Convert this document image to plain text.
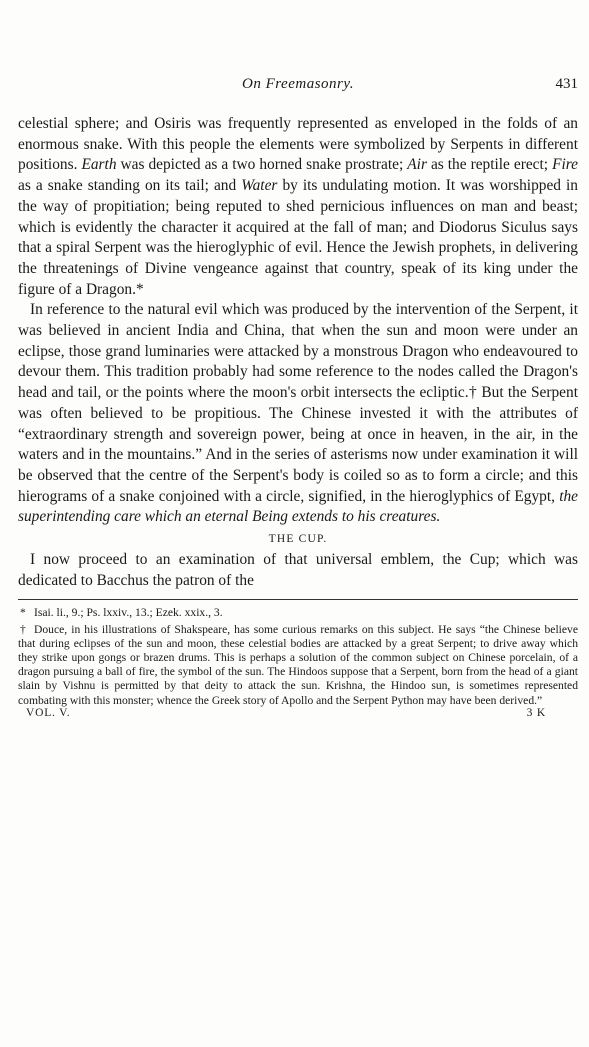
On Freemasonry.	431

celestial sphere; and Osiris was frequently represented as enveloped in the folds of an enormous snake. With this people the elements were symbolized by Serpents in different positions. Earth was depicted as a two horned snake prostrate; Air as the reptile erect; Fire as a snake standing on its tail; and Water by its undulating motion. It was worshipped in the way of propitiation; being reputed to shed pernicious influences on man and beast; which is evidently the character it acquired at the fall of man; and Diodorus Siculus says that a spiral Serpent was the hieroglyphic of evil. Hence the Jewish prophets, in delivering the threatenings of Divine vengeance against that country, speak of its king under the figure of a Dragon.*

In reference to the natural evil which was produced by the intervention of the Serpent, it was believed in ancient India and China, that when the sun and moon were under an eclipse, those grand luminaries were attacked by a monstrous Dragon who endeavoured to devour them. This tradition probably had some reference to the nodes called the Dragon's head and tail, or the points where the moon's orbit intersects the ecliptic.† But the Serpent was often believed to be propitious. The Chinese invested it with the attributes of “extraordinary strength and sovereign power, being at once in heaven, in the air, in the waters and in the mountains.” And in the series of asterisms now under examination it will be observed that the centre of the Serpent's body is coiled so as to form a circle; and this hierograms of a snake conjoined with a circle, signified, in the hieroglyphics of Egypt, the superintending care which an eternal Being extends to his creatures.

THE CUP.

I now proceed to an examination of that universal emblem, the Cup; which was dedicated to Bacchus the patron of the

* Isai. li., 9.; Ps. lxxiv., 13.; Ezek. xxix., 3.

† Douce, in his illustrations of Shakspeare, has some curious remarks on this subject. He says “the Chinese believe that during eclipses of the sun and moon, these celestial bodies are attacked by a great Serpent; to drive away which they strike upon gongs or brazen drums. This is perhaps a solution of the common subject on Chinese porcelain, of a dragon pursuing a ball of fire, the symbol of the sun. The Hindoos suppose that a Serpent, born from the head of a giant slain by Vishnu is permitted by that deity to attack the sun. Krishna, the Hindoo sun, is sometimes represented combating with this monster; whence the Greek story of Apollo and the Serpent Python may have been derived.”

VOL. V.	3 K
